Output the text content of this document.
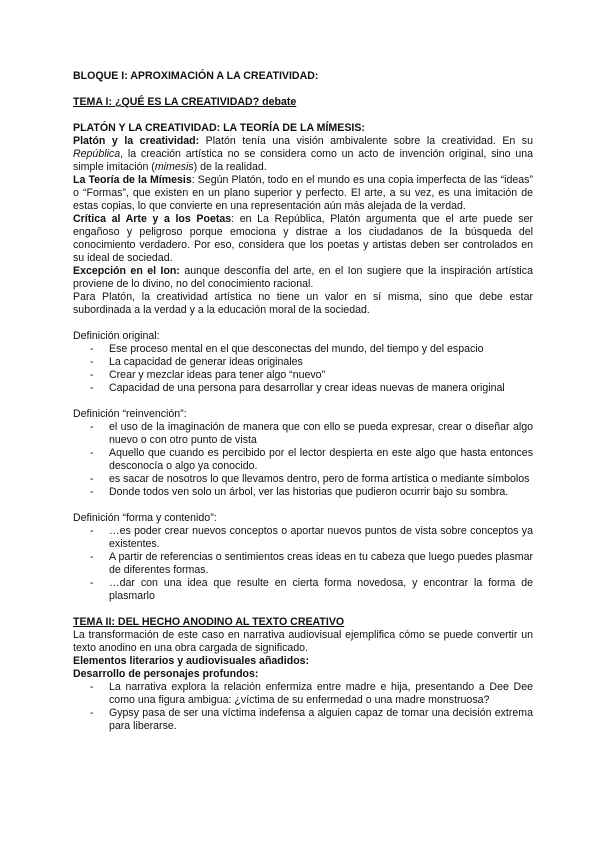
BLOQUE I: APROXIMACIÓN A LA CREATIVIDAD:

TEMA I: ¿QUÉ ES LA CREATIVIDAD? debate

PLATÓN Y LA CREATIVIDAD: LA TEORÍA DE LA MÍMESIS:

Platón y la creatividad: Platón tenía una visión ambivalente sobre la creatividad. En su República, la creación artística no se considera como un acto de invención original, sino una simple imitación (mimesis) de la realidad.

La Teoría de la Mímesis: Según Platón, todo en el mundo es una copia imperfecta de las “ideas” o “Formas”, que existen en un plano superior y perfecto. El arte, a su vez, es una imitación de estas copias, lo que convierte en una representación aún más alejada de la verdad.

Crítica al Arte y a los Poetas: en La República, Platón argumenta que el arte puede ser engañoso y peligroso porque emociona y distrae a los ciudadanos de la búsqueda del conocimiento verdadero. Por eso, considera que los poetas y artistas deben ser controlados en su ideal de sociedad.

Excepción en el Ion: aunque desconfía del arte, en el Ion sugiere que la inspiración artística proviene de lo divino, no del conocimiento racional.

Para Platón, la creatividad artística no tiene un valor en sí misma, sino que debe estar subordinada a la verdad y a la educación moral de la sociedad.

Definición original:

- Ese proceso mental en el que desconectas del mundo, del tiempo y del espacio
- La capacidad de generar ideas originales
- Crear y mezclar ideas para tener algo “nuevo”
- Capacidad de una persona para desarrollar y crear ideas nuevas de manera original

Definición “reinvención”:

- el uso de la imaginación de manera que con ello se pueda expresar, crear o diseñar algo nuevo o con otro punto de vista
- Aquello que cuando es percibido por el lector despierta en este algo que hasta entonces desconocía o algo ya conocido.
- es sacar de nosotros lo que llevamos dentro, pero de forma artística o mediante símbolos
- Donde todos ven solo un árbol, ver las historias que pudieron ocurrir bajo su sombra.

Definición “forma y contenido”:

- …es poder crear nuevos conceptos o aportar nuevos puntos de vista sobre conceptos ya existentes.
- A partir de referencias o sentimientos creas ideas en tu cabeza que luego puedes plasmar de diferentes formas.
- …dar con una idea que resulte en cierta forma novedosa, y encontrar la forma de plasmarlo

TEMA II: DEL HECHO ANODINO AL TEXTO CREATIVO

La transformación de este caso en narrativa audiovisual ejemplifica cómo se puede convertir un texto anodino en una obra cargada de significado.

Elementos literarios y audiovisuales añadidos:

Desarrollo de personajes profundos:

- La narrativa explora la relación enfermiza entre madre e hija, presentando a Dee Dee como una figura ambigua: ¿víctima de su enfermedad o una madre monstruosa?
- Gypsy pasa de ser una víctima indefensa a alguien capaz de tomar una decisión extrema para liberarse.
